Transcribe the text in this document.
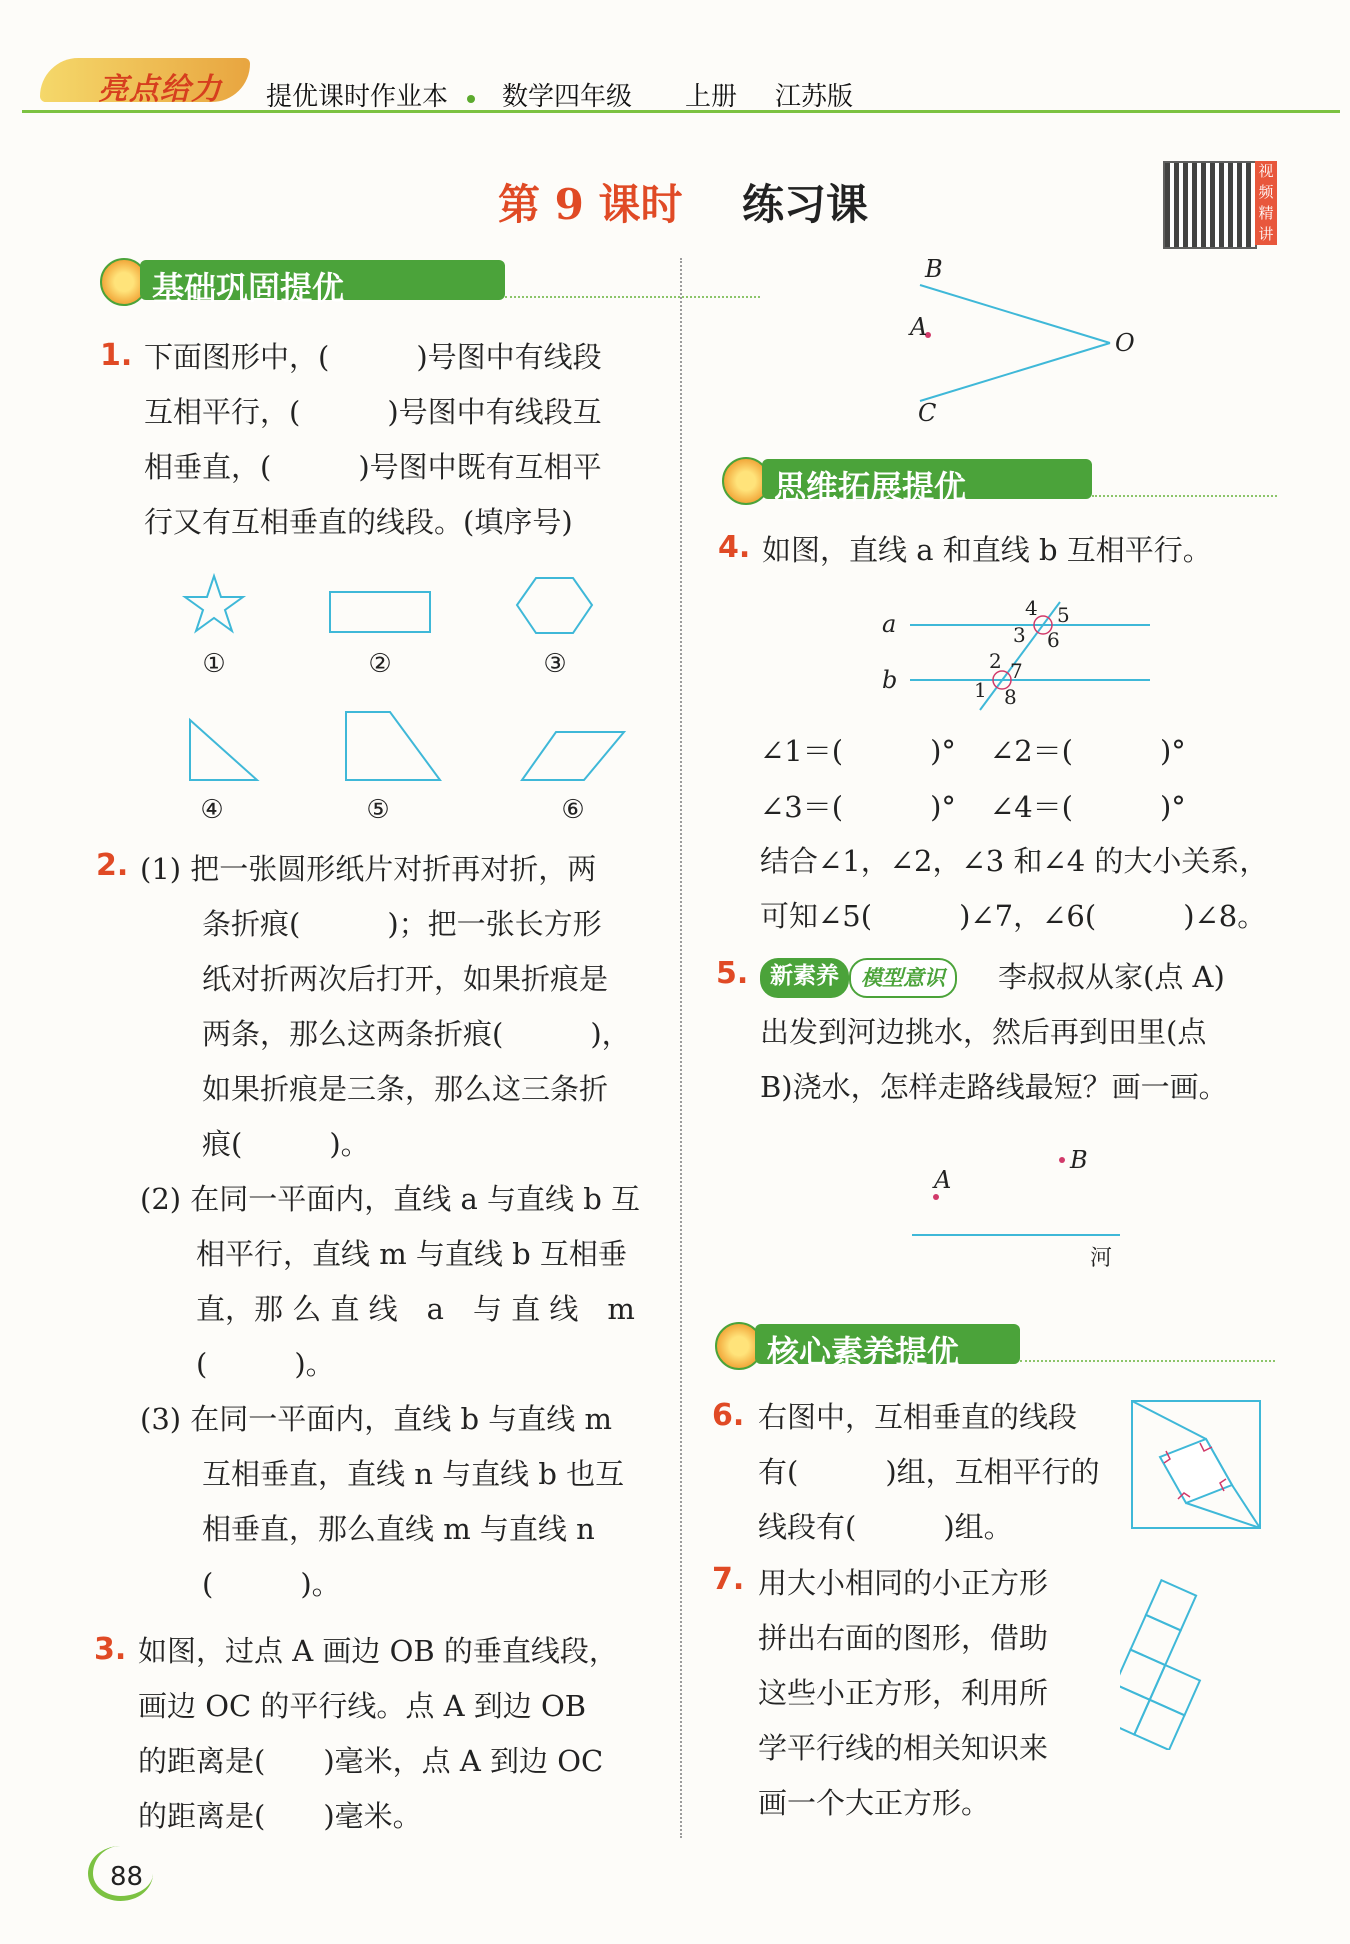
亮点给力 提优课时作业本 数学四年级 上册 江苏版
第 9 课时 练习课
视频精讲
基础巩固提优
1. 下面图形中，(　　　)号图中有线段
互相平行，(　　　)号图中有线段互
相垂直，(　　　)号图中既有互相平
行又有互相垂直的线段。(填序号)
①	②	③
④	⑤	⑥
2. (1) 把一张圆形纸片对折再对折，两
条折痕(　　　)；把一张长方形
纸对折两次后打开，如果折痕是
两条，那么这两条折痕(　　　)，
如果折痕是三条，那么这三条折
痕(　　　)。
(2) 在同一平面内，直线 a 与直线 b 互
相平行，直线 m 与直线 b 互相垂
直，那 么 直 线　a　与 直 线　m
(　　　)。
(3) 在同一平面内，直线 b 与直线 m
互相垂直，直线 n 与直线 b 也互
相垂直，那么直线 m 与直线 n
(　　　)。
3. 如图，过点 A 画边 OB 的垂直线段，
画边 OC 的平行线。点 A 到边 OB
的距离是(　　)毫米，点 A 到边 OC
的距离是(　　)毫米。
88
B
A
O
C
思维拓展提优
4. 如图，直线 a 和直线 b 互相平行。
a
b	1
2
3
4 5
6
7
8
∠1＝(　　　)° ∠2＝(　　　)°
∠3＝(　　　)° ∠4＝(　　　)°
结合∠1，∠2，∠3 和∠4 的大小关系，
可知∠5(　　　)∠7，∠6(　　　)∠8。
5. 新素养	模型意识	李叔叔从家(点 A)
出发到河边挑水，然后再到田里(点
B)浇水，怎样走路线最短？画一画。
A
B
河
核心素养提优
6. 右图中，互相垂直的线段
有(　　　)组，互相平行的
线段有(　　　)组。
7. 用大小相同的小正方形
拼出右面的图形，借助
这些小正方形，利用所
学平行线的相关知识来
画一个大正方形。
